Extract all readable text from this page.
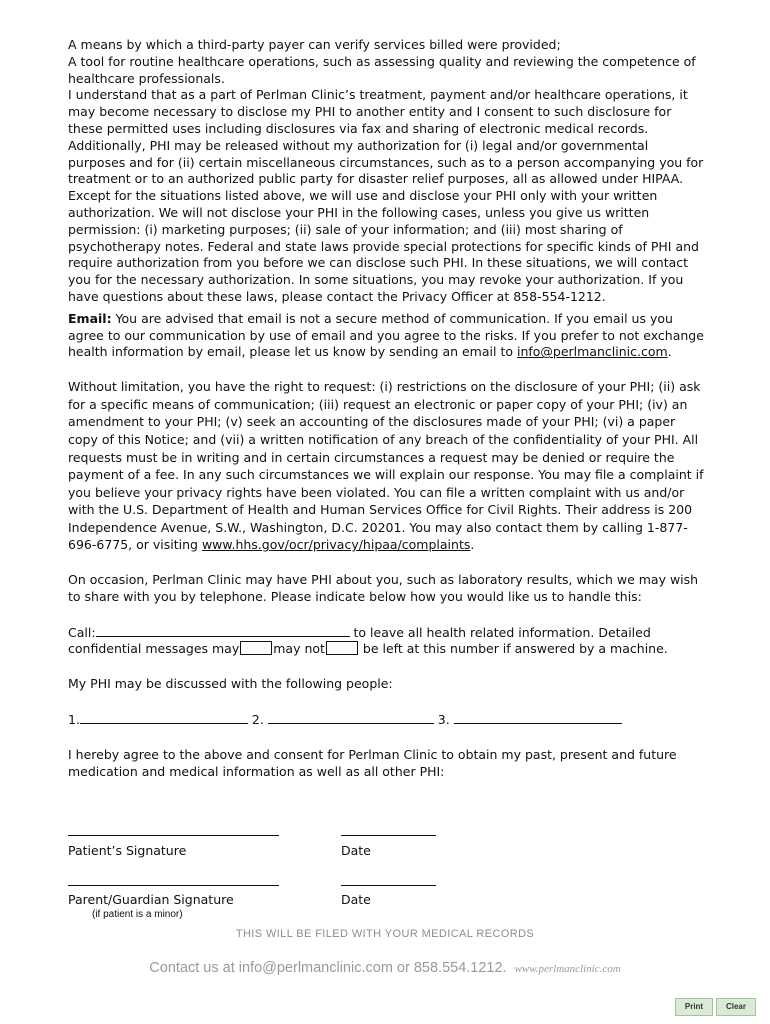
A means by which a third-party payer can verify services billed were provided;
A tool for routine healthcare operations, such as assessing quality and reviewing the competence of healthcare professionals.

I understand that as a part of Perlman Clinic’s treatment, payment and/or healthcare operations, it may become necessary to disclose my PHI to another entity and I consent to such disclosure for these permitted uses including disclosures via fax and sharing of electronic medical records. Additionally, PHI may be released without my authorization for (i) legal and/or governmental purposes and for (ii) certain miscellaneous circumstances, such as to a person accompanying you for treatment or to an authorized public party for disaster relief purposes, all as allowed under HIPAA.

Except for the situations listed above, we will use and disclose your PHI only with your written authorization. We will not disclose your PHI in the following cases, unless you give us written permission: (i) marketing purposes; (ii) sale of your information; and (iii) most sharing of psychotherapy notes. Federal and state laws provide special protections for specific kinds of PHI and require authorization from you before we can disclose such PHI. In these situations, we will contact you for the necessary authorization. In some situations, you may revoke your authorization. If you have questions about these laws, please contact the Privacy Officer at 858-554-1212.

Email: You are advised that email is not a secure method of communication. If you email us you agree to our communication by use of email and you agree to the risks. If you prefer to not exchange health information by email, please let us know by sending an email to info@perlmanclinic.com.

Without limitation, you have the right to request: (i) restrictions on the disclosure of your PHI; (ii) ask for a specific means of communication; (iii) request an electronic or paper copy of your PHI; (iv) an amendment to your PHI; (v) seek an accounting of the disclosures made of your PHI; (vi) a paper copy of this Notice; and (vii) a written notification of any breach of the confidentiality of your PHI. All requests must be in writing and in certain circumstances a request may be denied or require the payment of a fee. In any such circumstances we will explain our response. You may file a complaint if you believe your privacy rights have been violated. You can file a written complaint with us and/or with the U.S. Department of Health and Human Services Office for Civil Rights. Their address is 200 Independence Avenue, S.W., Washington, D.C. 20201. You may also contact them by calling 1-877-696-6775, or visiting www.hhs.gov/ocr/privacy/hipaa/complaints.

On occasion, Perlman Clinic may have PHI about you, such as laboratory results, which we may wish to share with you by telephone. Please indicate below how you would like us to handle this:

Call:	to leave all health related information. Detailed
confidential messages may	may not	be left at this number if answered by a machine.

My PHI may be discussed with the following people:

1.	2.	3.

I hereby agree to the above and consent for Perlman Clinic to obtain my past, present and future medication and medical information as well as all other PHI:

Patient’s Signature	Date
Parent/Guardian Signature	Date
(if patient is a minor)
THIS WILL BE FILED WITH YOUR MEDICAL RECORDS
Contact us at info@perlmanclinic.com or 858.554.1212. www.perlmanclinic.com
Print	Clear
